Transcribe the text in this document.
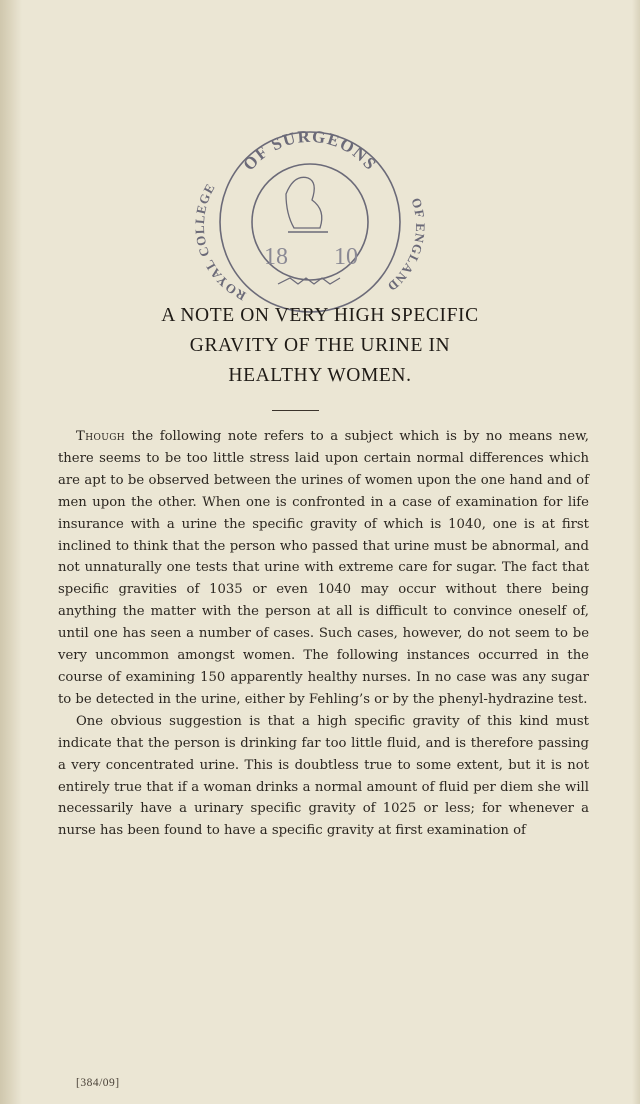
OF SURGEONS
ROYAL CO EGE
O GLAND
18 10
A NOTE ON VERY HIGH SPECIFIC
GRAVITY OF THE URINE IN
HEALTHY WOMEN.

Though the following note refers to a subject which is by no means new, there seems to be too little stress laid upon certain normal differences which are apt to be observed between the urines of women upon the one hand and of men upon the other. When one is confronted in a case of examination for life insurance with a urine the specific gravity of which is 1040, one is at first inclined to think that the person who passed that urine must be abnormal, and not unnaturally one tests that urine with extreme care for sugar. The fact that specific gravities of 1035 or even 1040 may occur without there being anything the matter with the person at all is difficult to convince oneself of, until one has seen a number of cases. Such cases, however, do not seem to be very uncommon amongst women. The following instances occurred in the course of examining 150 apparently healthy nurses. In no case was any sugar to be detected in the urine, either by Fehling’s or by the phenyl-hydrazine test.

One obvious suggestion is that a high specific gravity of this kind must indicate that the person is drinking far too little fluid, and is therefore passing a very concentrated urine. This is doubtless true to some extent, but it is not entirely true that if a woman drinks a normal amount of fluid per diem she will necessarily have a urinary specific gravity of 1025 or less; for whenever a nurse has been found to have a specific gravity at first examination of

[384/09]
